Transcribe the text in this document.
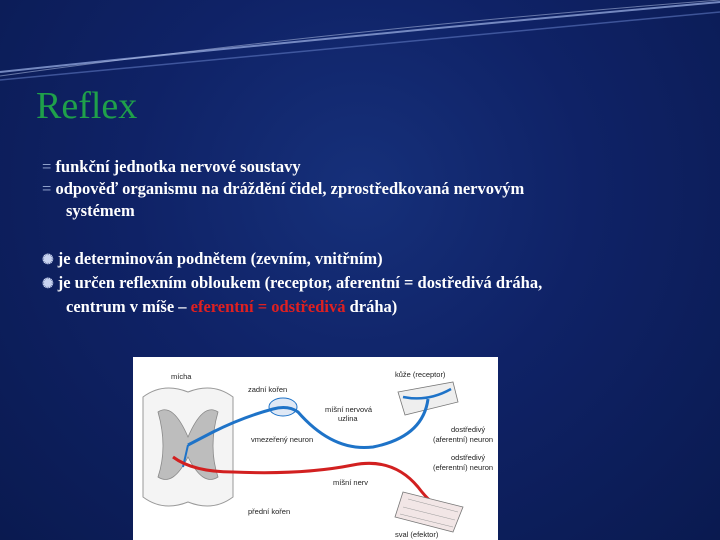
Reflex
= funkční jednotka nervové soustavy
= odpověď organismu na dráždění čidel, zprostředkovaná nervovým
systémem
✺ je determinován podnětem (zevním, vnitřním)
✺ je určen reflexním obloukem (receptor, aferentní = dostředivá dráha,
centrum v míše – eferentní = odstředivá dráha)
mícha
zadní kořen
kůže (receptor)
míšní nervová
uzlina
vmezeřený neuron
dostředivý
(aferentní) neuron
odstředivý
(eferentní) neuron
míšní nerv
přední kořen
sval (efektor)
